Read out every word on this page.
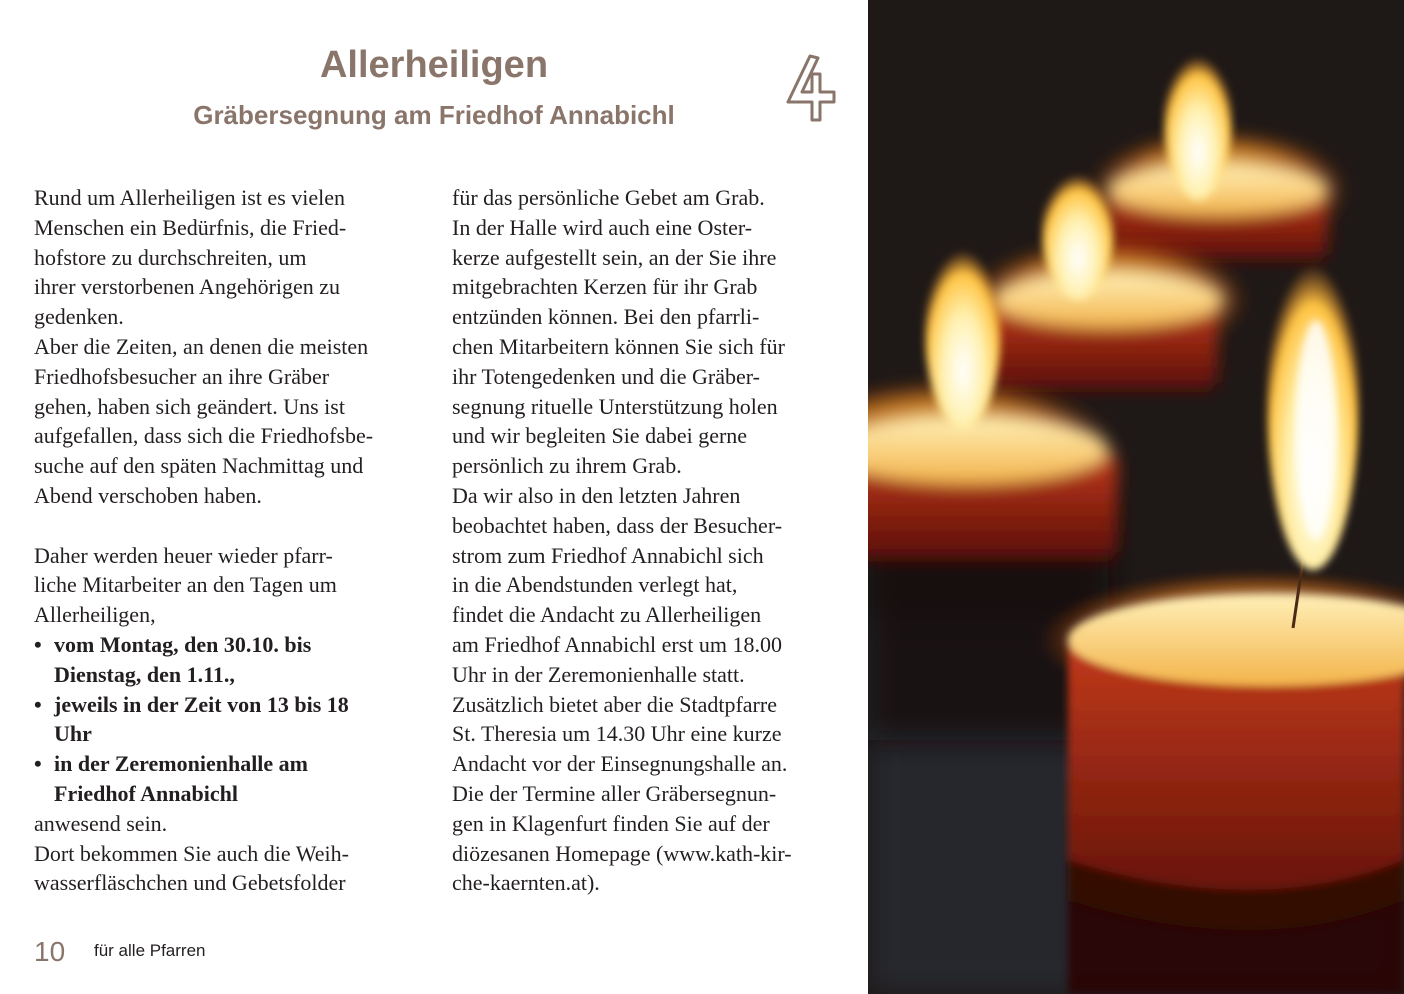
Allerheiligen
Gräbersegnung am Friedhof Annabichl

Rund um Allerheiligen ist es vielen

Menschen ein Bedürfnis, die Fried-

hofstore zu durchschreiten, um

ihrer verstorbenen Angehörigen zu

gedenken.

Aber die Zeiten, an denen die meisten

Friedhofsbesucher an ihre Gräber

gehen, haben sich geändert. Uns ist

aufgefallen, dass sich die Friedhofsbe-

suche auf den späten Nachmittag und

Abend verschoben haben.

Daher werden heuer wieder pfarr-

liche Mitarbeiter an den Tagen um

Allerheiligen,

• vom Montag, den 30.10. bis
Dienstag, den 1.11.,
• jeweils in der Zeit von 13 bis 18
Uhr
• in der Zeremonienhalle am
Friedhof Annabichl

anwesend sein.

Dort bekommen Sie auch die Weih-

wasserfläschchen und Gebetsfolder

für das persönliche Gebet am Grab.

In der Halle wird auch eine Oster-

kerze aufgestellt sein, an der Sie ihre

mitgebrachten Kerzen für ihr Grab

entzünden können. Bei den pfarrli-

chen Mitarbeitern können Sie sich für

ihr Totengedenken und die Gräber-

segnung rituelle Unterstützung holen

und wir begleiten Sie dabei gerne

persönlich zu ihrem Grab.

Da wir also in den letzten Jahren

beobachtet haben, dass der Besucher-

strom zum Friedhof Annabichl sich

in die Abendstunden verlegt hat,

findet die Andacht zu Allerheiligen

am Friedhof Annabichl erst um 18.00

Uhr in der Zeremonienhalle statt.

Zusätzlich bietet aber die Stadtpfarre

St. Theresia um 14.30 Uhr eine kurze

Andacht vor der Einsegnungshalle an.

Die der Termine aller Gräbersegnun-

gen in Klagenfurt finden Sie auf der

diözesanen Homepage (www.kath-kir-

che-kaernten.at).

10 für alle Pfarren
